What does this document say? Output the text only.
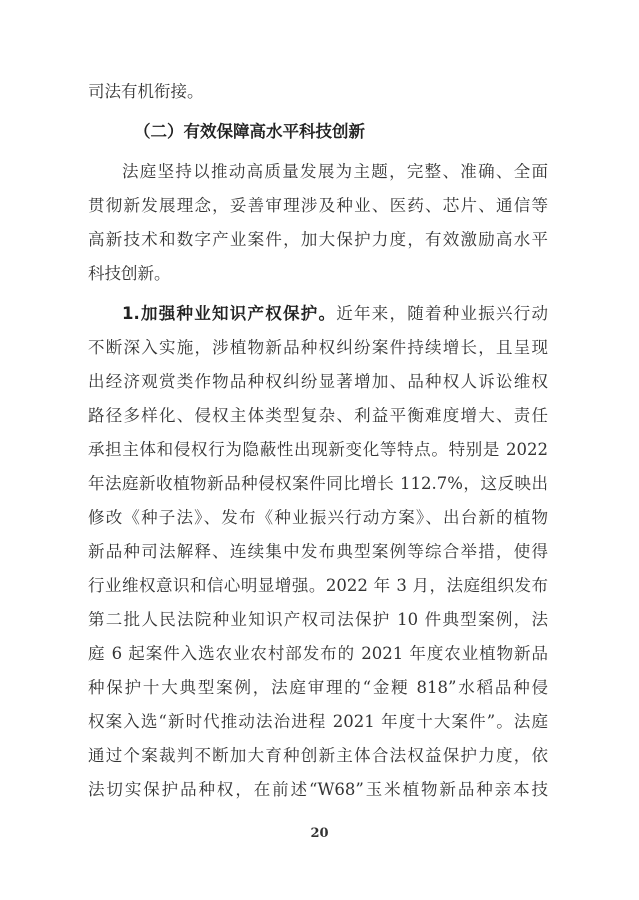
司法有机衔接。
（二）有效保障高水平科技创新
法庭坚持以推动高质量发展为主题，完整、准确、全面
贯彻新发展理念，妥善审理涉及种业、医药、芯片、通信等
高新技术和数字产业案件，加大保护力度，有效激励高水平
科技创新。
1.加强种业知识产权保护。近年来，随着种业振兴行动
不断深入实施，涉植物新品种权纠纷案件持续增长，且呈现
出经济观赏类作物品种权纠纷显著增加、品种权人诉讼维权
路径多样化、侵权主体类型复杂、利益平衡难度增大、责任
承担主体和侵权行为隐蔽性出现新变化等特点。特别是 2022
年法庭新收植物新品种侵权案件同比增长 112.7%，这反映出
修改《种子法》、发布《种业振兴行动方案》、出台新的植物
新品种司法解释、连续集中发布典型案例等综合举措，使得
行业维权意识和信心明显增强。2022 年 3 月，法庭组织发布
第二批人民法院种业知识产权司法保护 10 件典型案例，法
庭 6 起案件入选农业农村部发布的 2021 年度农业植物新品
种保护十大典型案例，法庭审理的“金粳 818”水稻品种侵
权案入选“新时代推动法治进程 2021 年度十大案件”。法庭
通过个案裁判不断加大育种创新主体合法权益保护力度，依
法切实保护品种权，在前述“W68”玉米植物新品种亲本技
20
